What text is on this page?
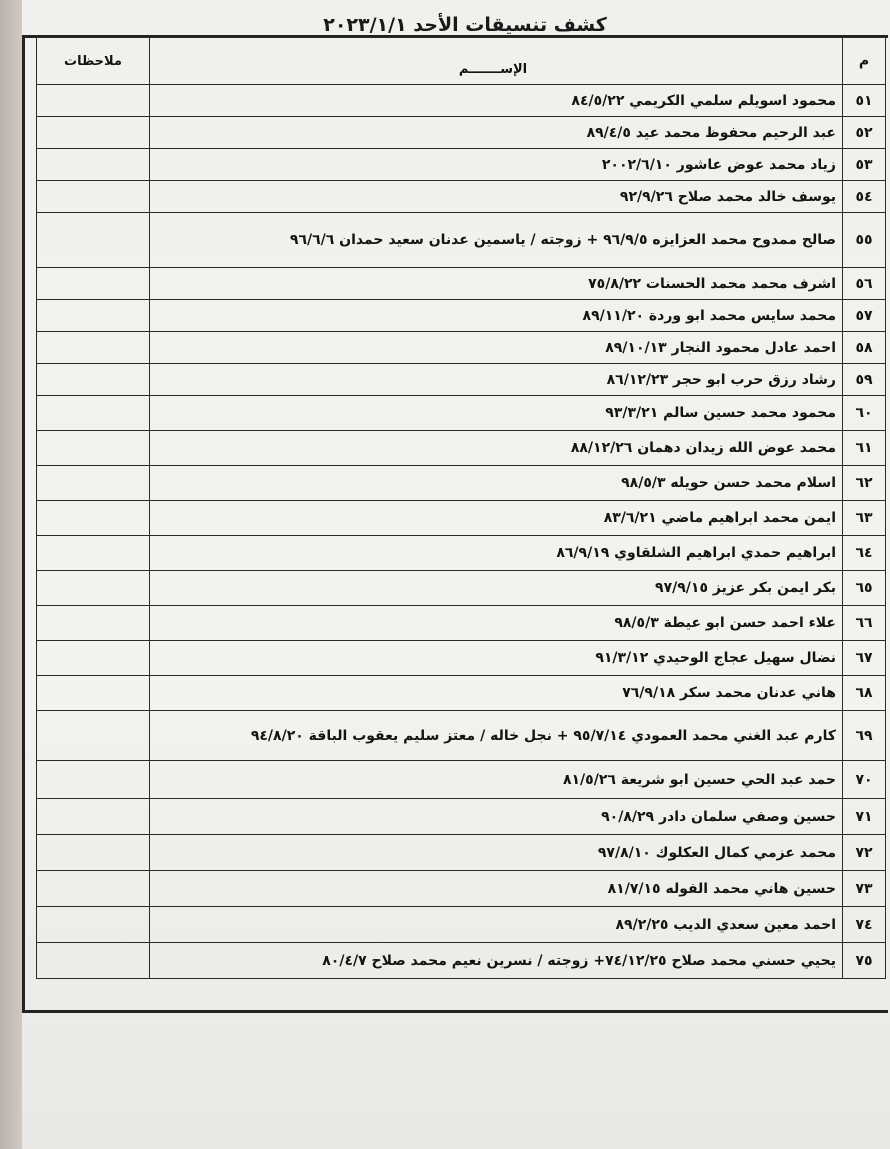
كشف تنسيقات الأحد ٢٠٢٣/١/١
م	الإســـــــم	ملاحظات
٥١	محمود اسويلم سلمي الكريمي ٨٤/٥/٢٢	
٥٢	عبد الرحيم محفوظ محمد عيد ٨٩/٤/٥	
٥٣	زياد محمد عوض عاشور ٢٠٠٢/٦/١٠	
٥٤	يوسف خالد محمد صلاح ٩٢/٩/٢٦	
٥٥	صالح ممدوح محمد العزايزه ٩٦/٩/٥ + زوجته / ياسمين عدنان سعيد حمدان ٩٦/٦/٦	
٥٦	اشرف محمد محمد الحسنات ٧٥/٨/٢٢	
٥٧	محمد سايس محمد ابو وردة ٨٩/١١/٢٠	
٥٨	احمد عادل محمود النجار ٨٩/١٠/١٣	
٥٩	رشاد رزق حرب ابو حجر ٨٦/١٢/٢٣	
٦٠	محمود محمد حسين سالم ٩٣/٣/٢١	
٦١	محمد عوض الله زيدان دهمان ٨٨/١٢/٢٦	
٦٢	اسلام محمد حسن حويله ٩٨/٥/٣	
٦٣	ايمن محمد ابراهيم ماضي ٨٣/٦/٢١	
٦٤	ابراهيم حمدي ابراهيم الشلقاوي ٨٦/٩/١٩	
٦٥	بكر ايمن بكر عزيز ٩٧/٩/١٥	
٦٦	علاء احمد حسن ابو عيطة ٩٨/٥/٣	
٦٧	نضال سهيل عجاج الوحيدي ٩١/٣/١٢	
٦٨	هاني عدنان محمد سكر ٧٦/٩/١٨	
٦٩	كارم عبد الغني محمد العمودي ٩٥/٧/١٤ + نجل خاله / معتز سليم يعقوب الباقة ٩٤/٨/٢٠	
٧٠	حمد عبد الحي حسين ابو شريعة ٨١/٥/٢٦	
٧١	حسين وصفي سلمان دادر ٩٠/٨/٢٩	
٧٢	محمد عزمي كمال العكلوك ٩٧/٨/١٠	
٧٣	حسين هاني محمد الفوله ٨١/٧/١٥	
٧٤	احمد معين سعدي الديب ٨٩/٢/٢٥	
٧٥	يحيي حسني محمد صلاح ٧٤/١٢/٢٥+ زوجته / نسرين نعيم محمد صلاح ٨٠/٤/٧	
